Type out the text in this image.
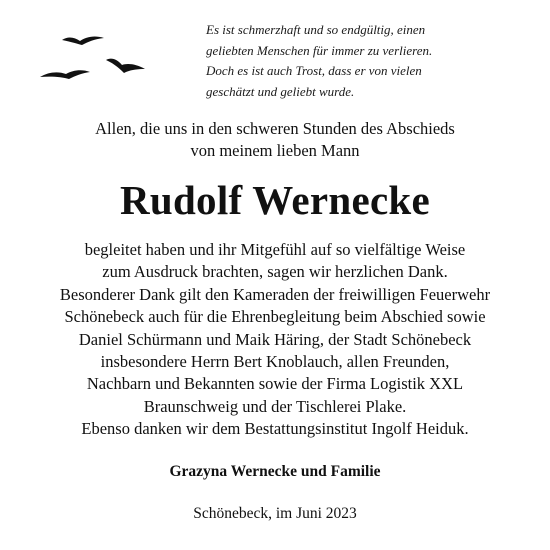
Es ist schmerzhaft und so endgültig, einen
geliebten Menschen für immer zu verlieren.
Doch es ist auch Trost, dass er von vielen
geschätzt und geliebt wurde.
Allen, die uns in den schweren Stunden des Abschieds
von meinem lieben Mann
Rudolf Wernecke
begleitet haben und ihr Mitgefühl auf so vielfältige Weise
zum Ausdruck brachten, sagen wir herzlichen Dank.
Besonderer Dank gilt den Kameraden der freiwilligen Feuerwehr
Schönebeck auch für die Ehrenbegleitung beim Abschied sowie
Daniel Schürmann und Maik Häring, der Stadt Schönebeck
insbesondere Herrn Bert Knoblauch, allen Freunden,
Nachbarn und Bekannten sowie der Firma Logistik XXL
Braunschweig und der Tischlerei Plake.
Ebenso danken wir dem Bestattungsinstitut Ingolf Heiduk.
Grazyna Wernecke und Familie
Schönebeck, im Juni 2023
